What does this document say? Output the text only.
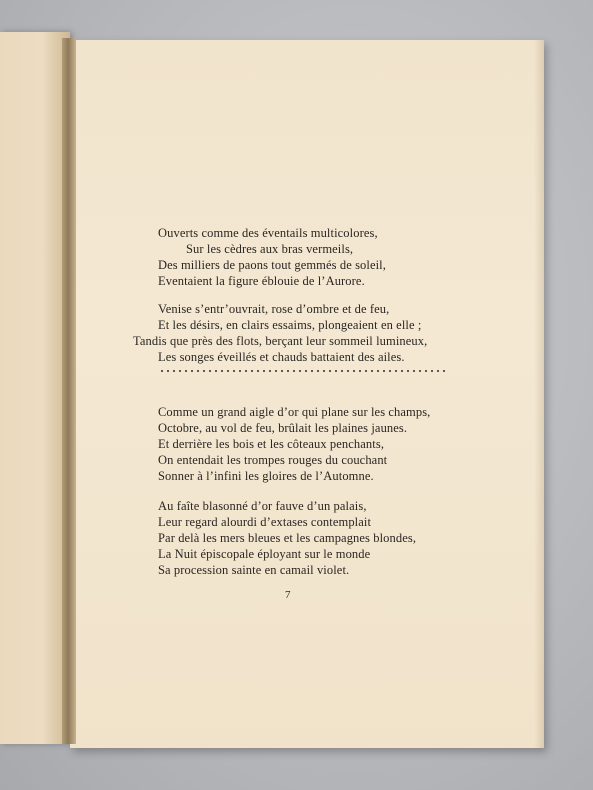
Ouverts comme des éventails multicolores,
Sur les cèdres aux bras vermeils,
Des milliers de paons tout gemmés de soleil,
Eventaient la figure éblouie de l’Aurore.
Venise s’entr’ouvrait, rose d’ombre et de feu,
Et les désirs, en clairs essaims, plongeaient en elle ;
Tandis que près des flots, berçant leur sommeil lumineux,
Les songes éveillés et chauds battaient des ailes.
Comme un grand aigle d’or qui plane sur les champs,
Octobre, au vol de feu, brûlait les plaines jaunes.
Et derrière les bois et les côteaux penchants,
On entendait les trompes rouges du couchant
Sonner à l’infini les gloires de l’Automne.
Au faîte blasonné d’or fauve d’un palais,
Leur regard alourdi d’extases contemplait
Par delà les mers bleues et les campagnes blondes,
La Nuit épiscopale éployant sur le monde
Sa procession sainte en camail violet.
7
